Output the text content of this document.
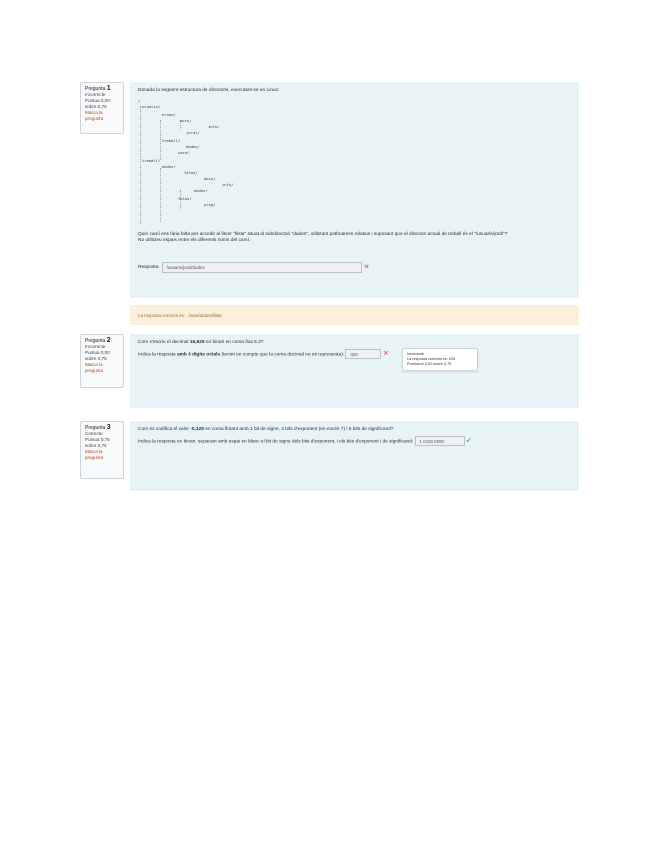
Pregunta 1
Incorrecte
Puntua 0,00
sobre 0,75
Marca la pregunta
Donada la següent estructura de directoris, executant-se en Linux:
/
usuaris/
arnau/
docs/
info/
jordi/
treball/
dades/
sara/
treball/
dades/
fotos/
docs/
info/
dades/
fotos/
prog/
Quin camí ens faria falta per accedir al fitxer "llista" situat al subdirectori "dades", utilitzant pathnames relatius i suposant que el directori actual de treball és el "/usuaris/jordi"?
No utilitzeu espais entre els diferents noms del camí.
Resposta:	/usuaris/jordi/dades	✕
La resposta correcta és: ../sara/dades/llista
Pregunta 2
Incorrecte
Puntua 0,00
sobre 0,75
Marca la pregunta
Com s'escriu el decimal 16,625 en binari en coma fixa 5.3?
Indica la resposta amb 3 dígits octals (tenint en compte que la coma decimal no es representa): 020	✕	Incorrecte
La resposta correcta és: 205
Puntuació 0,00 sobre 0,75
Pregunta 3
Correcte
Puntua 0,75
sobre 0,75
Marca la pregunta
Com es codifica el valor -0,125 en coma flotant amb 1 bit de signe, 4 bits d'exponent (en excés 7) i 5 bits de significand?
Indica la resposta en binari, separant amb espai en blanc el bit de signe dels bits d'exponent, i els bits d'exponent i de significand: 1 0100 0000	✓
